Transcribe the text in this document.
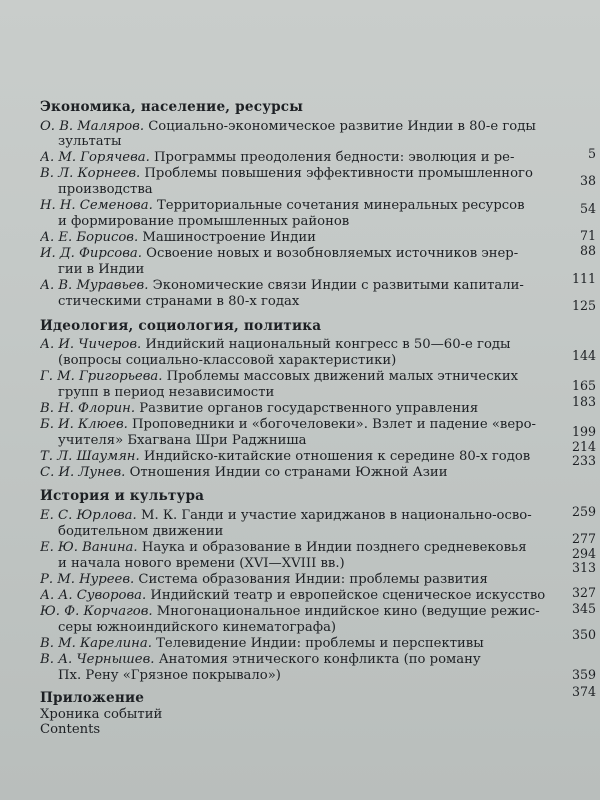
Экономика, население, ресурсы
О. В. Маляров. Социально-экономическое развитие Индии в 80-е годы
зультаты
А. М. Горячева. Программы преодоления бедности: эволюция и ре-	5
В. Л. Корнеев. Проблемы повышения эффективности промышленного
производства
38
Н. Н. Семенова. Территориальные сочетания минеральных ресурсов
и формирование промышленных районов
54
А. Е. Борисов. Машиностроение Индии	71
И. Д. Фирсова. Освоение новых и возобновляемых источников энер-
гии в Индии
88
А. В. Муравьев. Экономические связи Индии с развитыми капитали-
стическими странами в 80-х годах
111
Идеология, социология, политика
А. И. Чичеров. Индийский национальный конгресс в 50—60-е годы
(вопросы социально-классовой характеристики)
125
Г. М. Григорьева. Проблемы массовых движений малых этнических
групп в период независимости
144
В. Н. Флорин. Развитие органов государственного управления
165
Б. И. Клюев. Проповедники и «богочеловеки». Взлет и падение «веро-
учителя» Бхагвана Шри Раджниша
183
Т. Л. Шаумян. Индийско-китайские отношения к середине 80-х годов
199
С. И. Лунев. Отношения Индии со странами Южной Азии
214
История и культура
Е. С. Юрлова. М. К. Ганди и участие хариджанов в национально-осво-
бодительном движении
233
Е. Ю. Ванина. Наука и образование в Индии позднего средневековья
и начала нового времени (XVI—XVIII вв.)
259
Р. М. Нуреев. Система образования Индии: проблемы развития
277
А. А. Суворова. Индийский театр и европейское сценическое искусство
294
Ю. Ф. Корчагов. Многонациональное индийское кино (ведущие режис-
серы южноиндийского кинематографа)
313
В. М. Карелина. Телевидение Индии: проблемы и перспективы
327
В. А. Чернышев. Анатомия этнического конфликта (по роману
Пх. Рену «Грязное покрывало»)
345
Приложение
Хроника событий
Contents
350
359
374
